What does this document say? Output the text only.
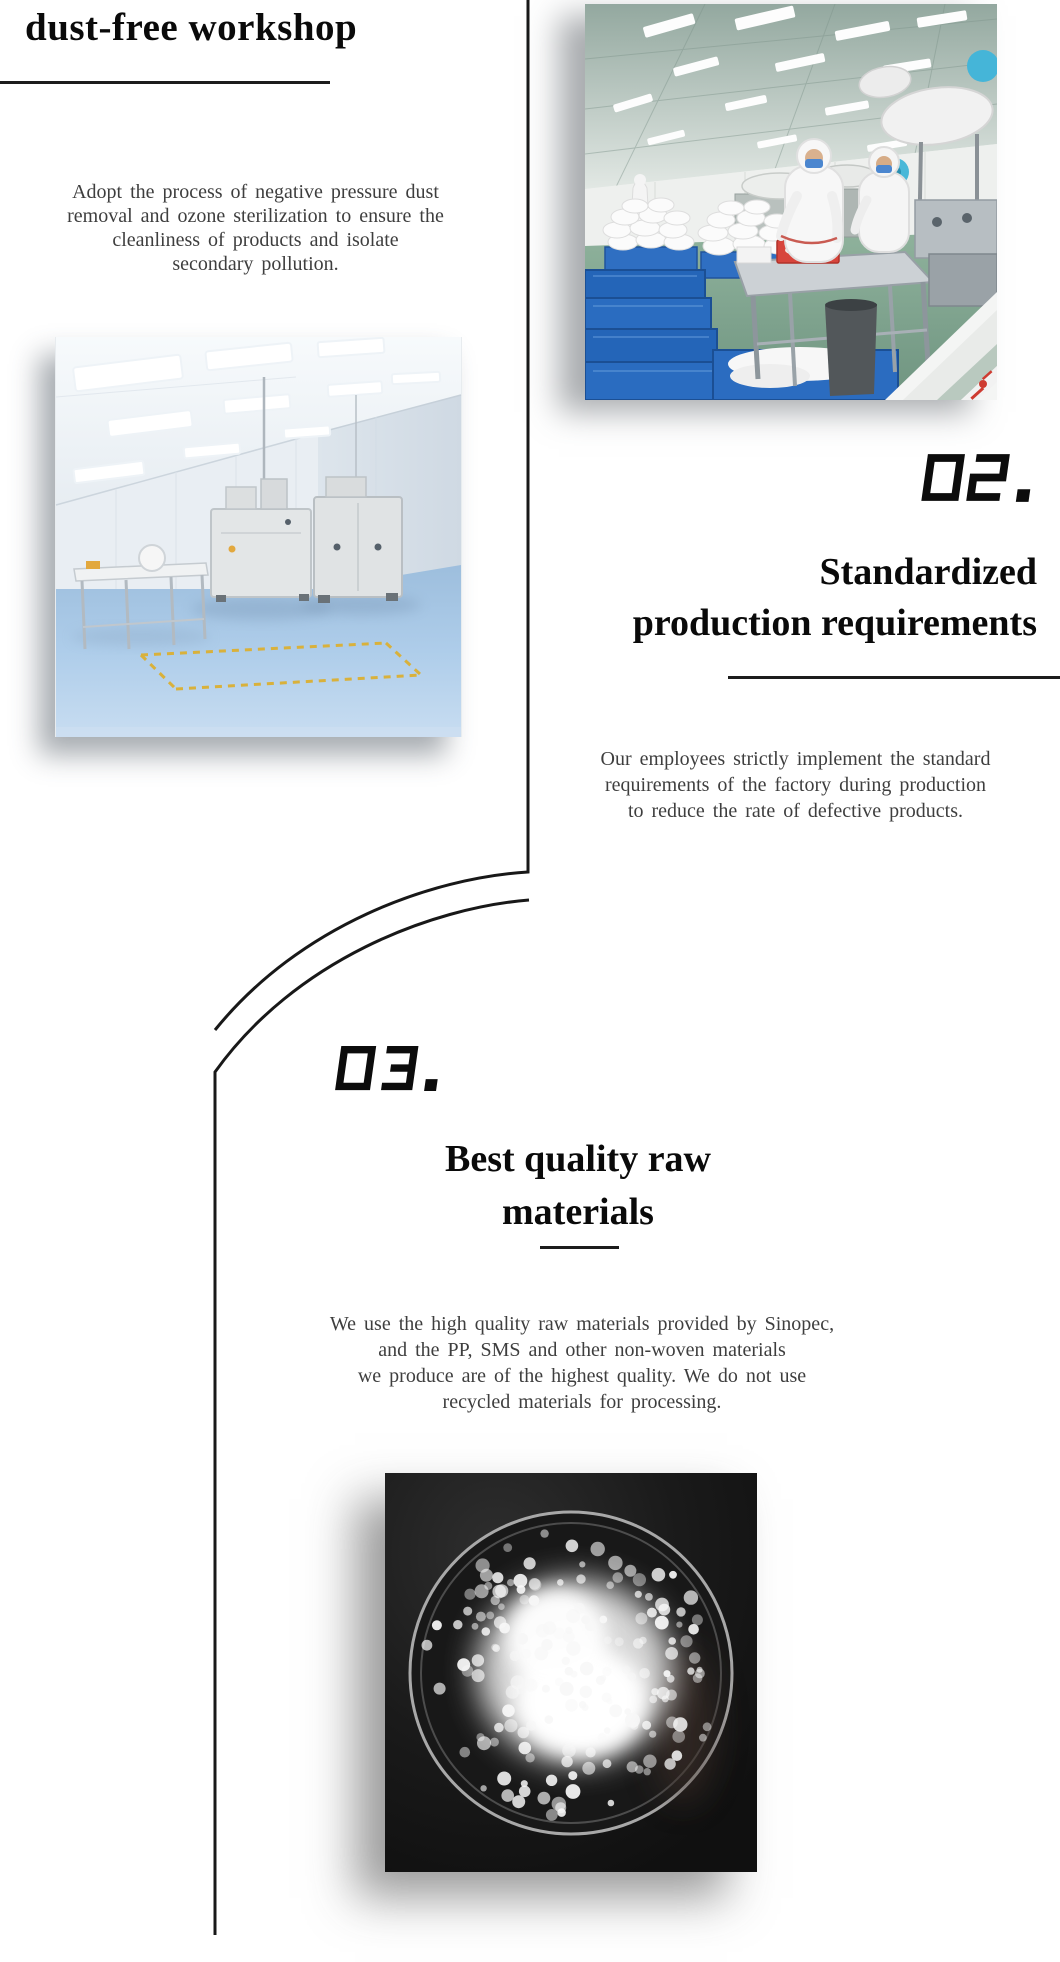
dust-free workshop
Adopt the process of negative pressure dust
removal and ozone sterilization to ensure the
cleanliness of products and isolate
secondary pollution.
Standardized
production requirements
Our employees strictly implement the standard
requirements of the factory during production
to reduce the rate of defective products.
Best quality raw
materials
We use the high quality raw materials provided by Sinopec,
and the PP, SMS and other non-woven materials
we produce are of the highest quality. We do not use
recycled materials for processing.
